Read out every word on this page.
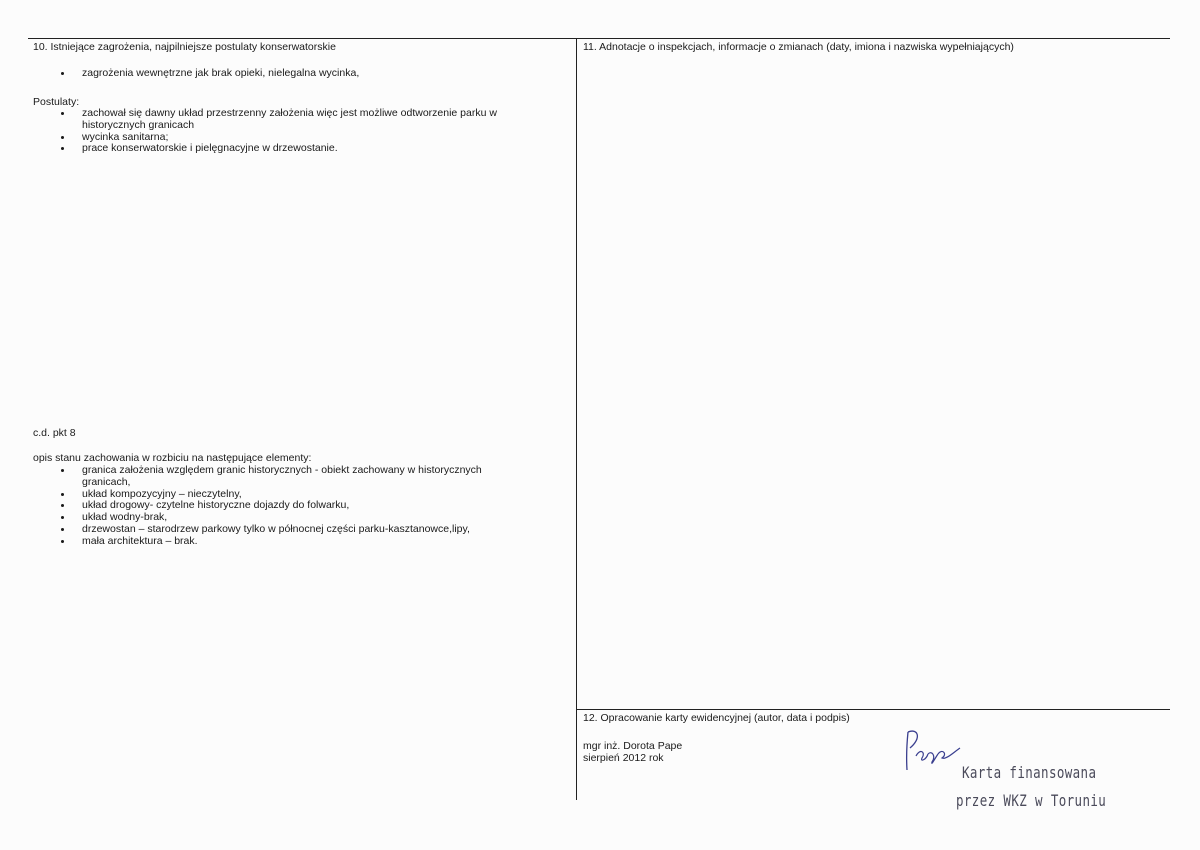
10. Istniejące zagrożenia, najpilniejsze postulaty konserwatorskie
zagrożenia wewnętrzne jak brak opieki, nielegalna wycinka,
Postulaty:
zachował się dawny układ przestrzenny założenia więc jest możliwe odtworzenie parku w
historycznych granicach
wycinka sanitarna;
prace konserwatorskie i pielęgnacyjne w drzewostanie.
c.d. pkt 8
opis stanu zachowania w rozbiciu na następujące elementy:
granica założenia względem granic historycznych - obiekt zachowany w historycznych
granicach,
układ kompozycyjny – nieczytelny,
układ drogowy- czytelne historyczne dojazdy do folwarku,
układ wodny-brak,
drzewostan – starodrzew parkowy tylko w północnej części parku-kasztanowce,lipy,
mała architektura – brak.
11. Adnotacje o inspekcjach, informacje o zmianach (daty, imiona i nazwiska wypełniających)
12. Opracowanie karty ewidencyjnej (autor, data i podpis)
mgr inż. Dorota Pape
sierpień 2012 rok
Karta finansowana
przez WKZ w Toruniu
